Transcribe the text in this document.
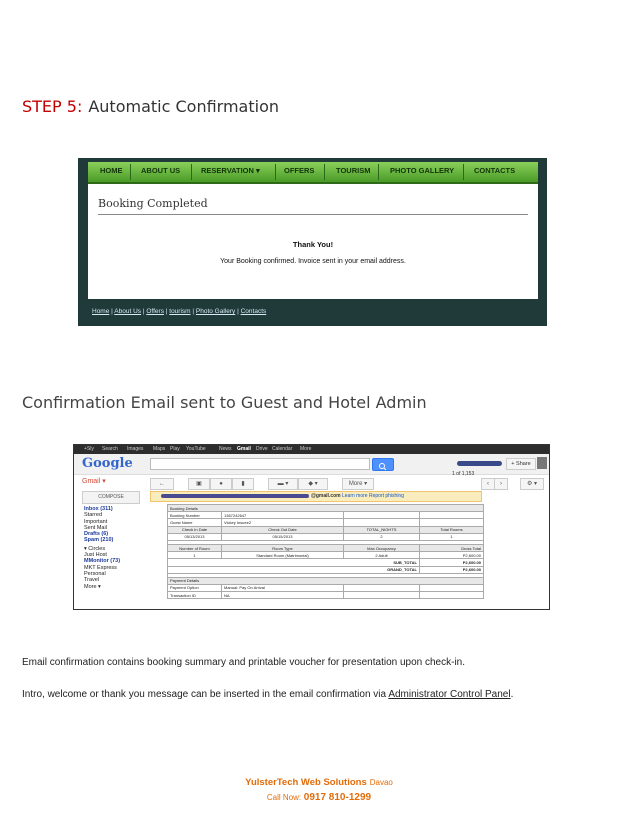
STEP 5: Automatic Confirmation
HOME ABOUT US	RESERVATION ▾	OFFERS	TOURISM	PHOTO GALLERY	CONTACTS
Booking Completed
Thank You!
Your Booking confirmed. Invoice sent in your email address.
Home | About Us | Offers | tourism | Photo Gallery | Contacts
Confirmation Email sent to Guest and Hotel Admin
+Sly Search Images Maps Play YouTube	News Gmail Drive Calendar More
Google	+ Share
Gmail ▾
COMPOSE
Inbox (311)
Starred
Important
Sent Mail
Drafts (6)
Spam (210)
▾ Circles
Just Host
MMonitor (73)
MKT Express
Personal
Travel
More ▾
←	▣	●	▮	▬ ▾	◆ ▾	More ▾	‹	›	⚙ ▾
1 of 1,153
@gmail.com Learn more Report phishing
Booking Details			
Booking Number	1367242647		
Guest Name	Vickey Insuee2		
Check In Date	Check Out Date	TOTAL_NIGHTS	Total Rooms
05/13/2013	05/15/2013	2	1

Number of Room	Room Type	Max Occupancy	Gross Total
1	Standard Room (Matrimonial)	2 Adult	P2,600.00
SUB_TOTAL			P2,600.00
GRAND_TOTAL			P2,600.00

Payment Details			
Payment Option	Manual: Pay On Arrival		
Transaction ID	NA		
Email confirmation contains booking summary and printable voucher for presentation upon check-in.
Intro, welcome or thank you message can be inserted in the email confirmation via Administrator Control Panel.
YulsterTech Web Solutions Davao
Call Now: 0917 810-1299
